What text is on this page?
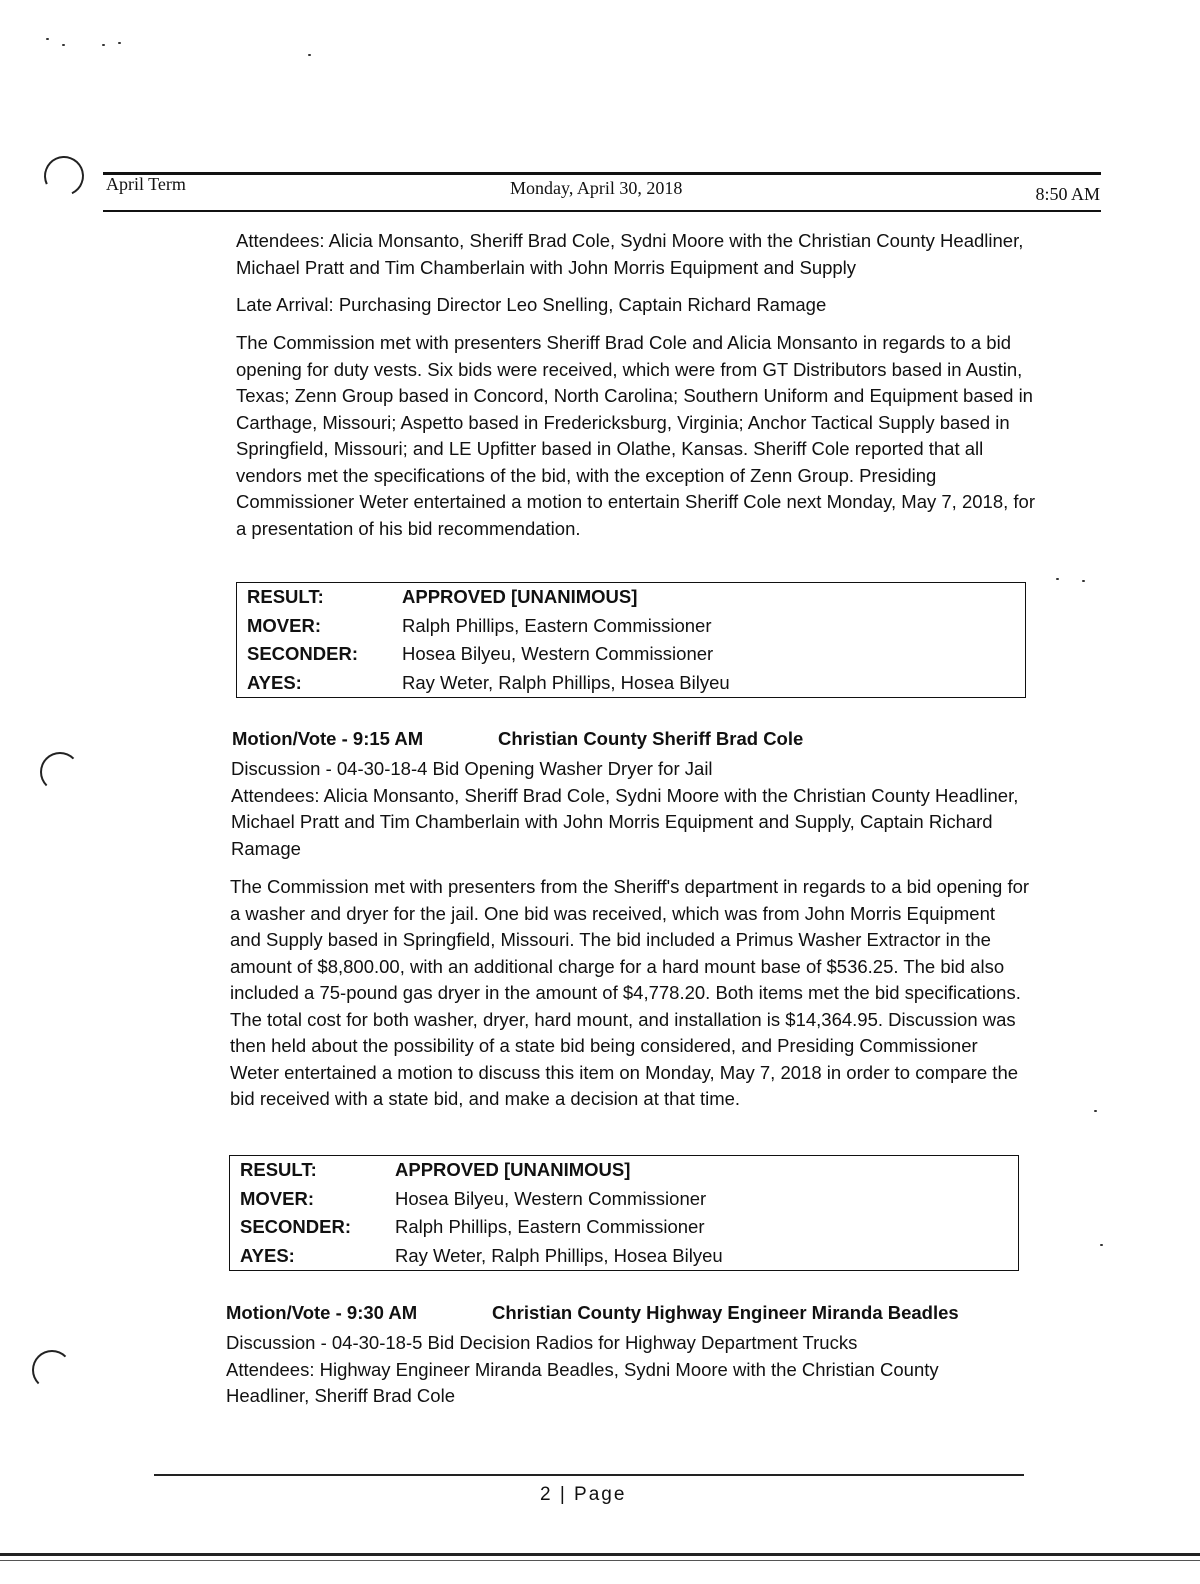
April Term	Monday, April 30, 2018	8:50 AM

Attendees: Alicia Monsanto, Sheriff Brad Cole, Sydni Moore with the Christian County Headliner, Michael Pratt and Tim Chamberlain with John Morris Equipment and Supply

Late Arrival: Purchasing Director Leo Snelling, Captain Richard Ramage

The Commission met with presenters Sheriff Brad Cole and Alicia Monsanto in regards to a bid opening for duty vests. Six bids were received, which were from GT Distributors based in Austin, Texas; Zenn Group based in Concord, North Carolina; Southern Uniform and Equipment based in Carthage, Missouri; Aspetto based in Fredericksburg, Virginia; Anchor Tactical Supply based in Springfield, Missouri; and LE Upfitter based in Olathe, Kansas. Sheriff Cole reported that all vendors met the specifications of the bid, with the exception of Zenn Group. Presiding Commissioner Weter entertained a motion to entertain Sheriff Cole next Monday, May 7, 2018, for a presentation of his bid recommendation.

RESULT:	APPROVED [UNANIMOUS]
MOVER:	Ralph Phillips, Eastern Commissioner
SECONDER:	Hosea Bilyeu, Western Commissioner
AYES:	Ray Weter, Ralph Phillips, Hosea Bilyeu
Motion/Vote - 9:15 AM	Christian County Sheriff Brad Cole
Discussion - 04-30-18-4 Bid Opening Washer Dryer for Jail
Attendees: Alicia Monsanto, Sheriff Brad Cole, Sydni Moore with the Christian County Headliner, Michael Pratt and Tim Chamberlain with John Morris Equipment and Supply, Captain Richard Ramage

The Commission met with presenters from the Sheriff's department in regards to a bid opening for a washer and dryer for the jail. One bid was received, which was from John Morris Equipment and Supply based in Springfield, Missouri. The bid included a Primus Washer Extractor in the amount of $8,800.00, with an additional charge for a hard mount base of $536.25. The bid also included a 75-pound gas dryer in the amount of $4,778.20. Both items met the bid specifications. The total cost for both washer, dryer, hard mount, and installation is $14,364.95. Discussion was then held about the possibility of a state bid being considered, and Presiding Commissioner Weter entertained a motion to discuss this item on Monday, May 7, 2018 in order to compare the bid received with a state bid, and make a decision at that time.

RESULT:	APPROVED [UNANIMOUS]
MOVER:	Hosea Bilyeu, Western Commissioner
SECONDER:	Ralph Phillips, Eastern Commissioner
AYES:	Ray Weter, Ralph Phillips, Hosea Bilyeu
Motion/Vote - 9:30 AM	Christian County Highway Engineer Miranda Beadles
Discussion - 04-30-18-5 Bid Decision Radios for Highway Department Trucks
Attendees: Highway Engineer Miranda Beadles, Sydni Moore with the Christian County Headliner, Sheriff Brad Cole
2 | Page
